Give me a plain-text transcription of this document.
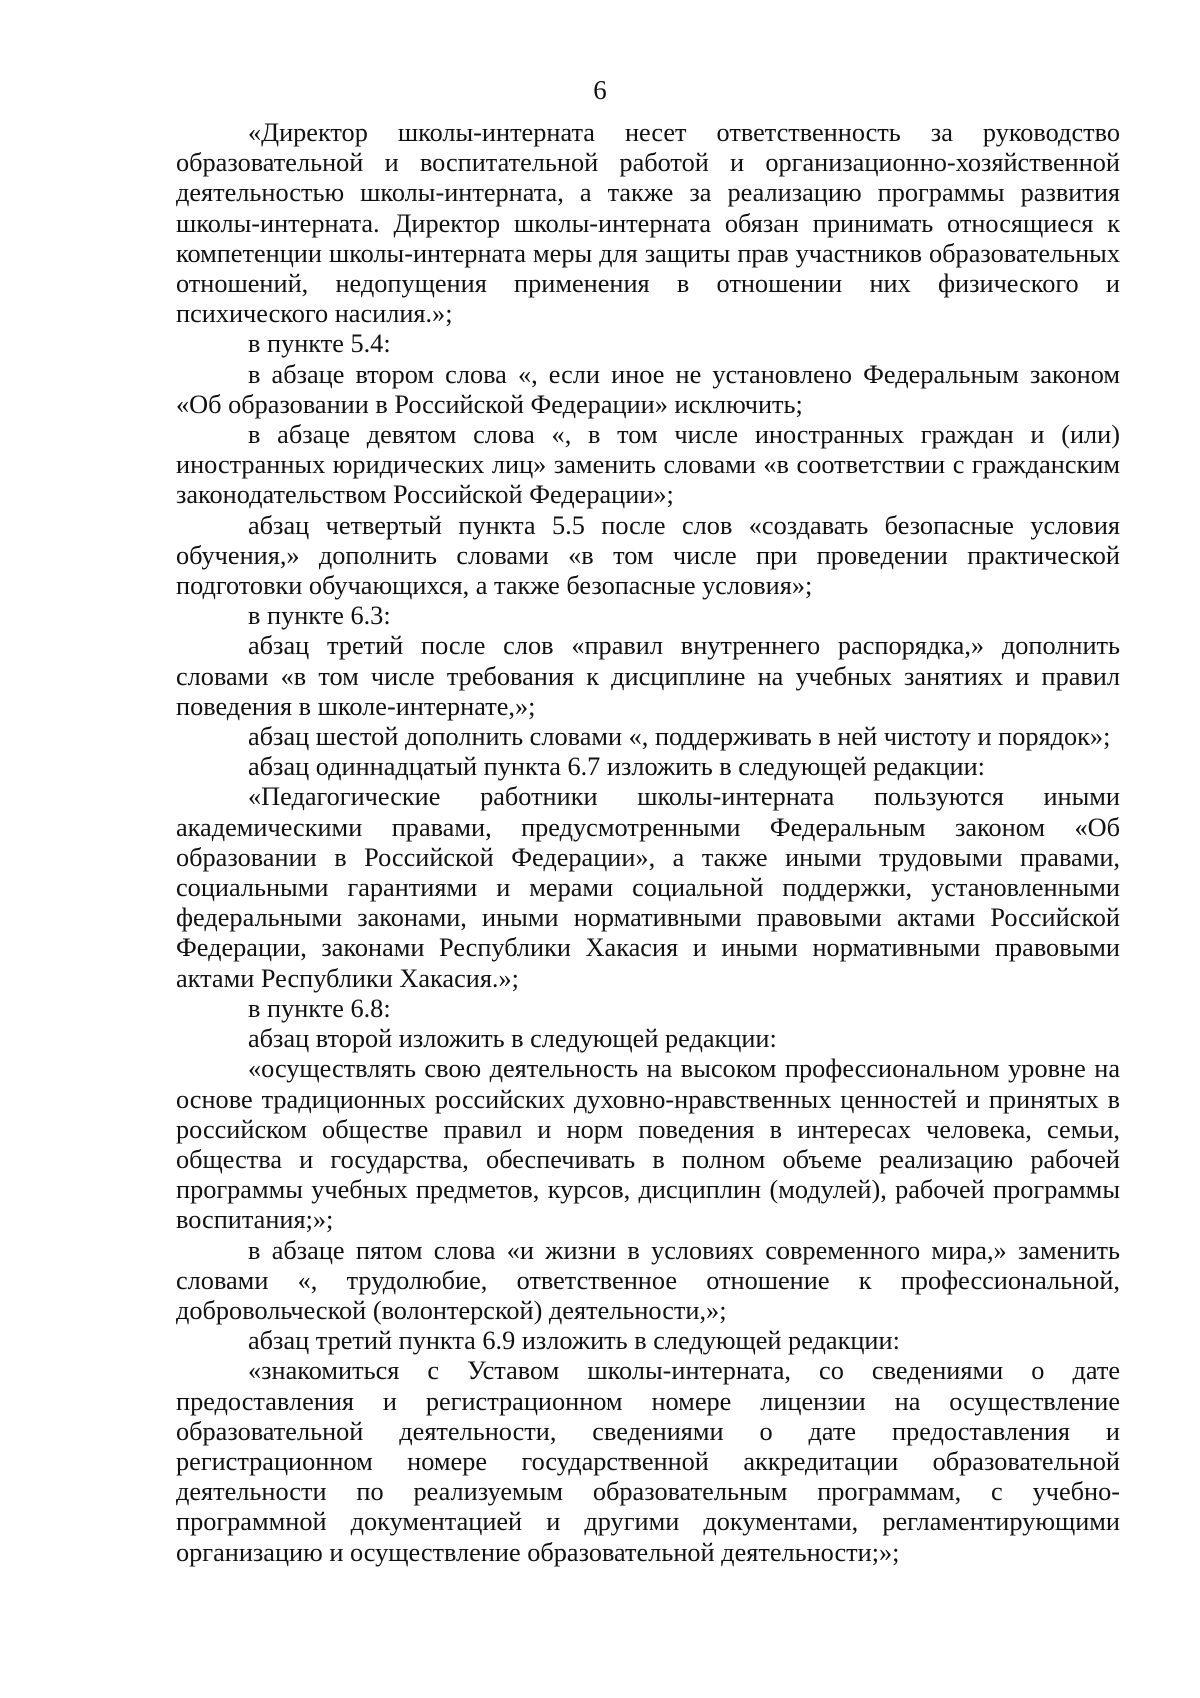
6

«Директор школы-интерната несет ответственность за руководство образовательной и воспитательной работой и организационно-хозяйственной деятельностью школы-интерната, а также за реализацию программы развития школы-интерната. Директор школы-интерната обязан принимать относящиеся к компетенции школы-интерната меры для защиты прав участников образовательных отношений, недопущения применения в отношении них физического и психического насилия.»;

в пункте 5.4:

в абзаце втором слова «, если иное не установлено Федеральным законом «Об образовании в Российской Федерации» исключить;

в абзаце девятом слова «, в том числе иностранных граждан и (или) иностранных юридических лиц» заменить словами «в соответствии с гражданским законодательством Российской Федерации»;

абзац четвертый пункта 5.5 после слов «создавать безопасные условия обучения,» дополнить словами «в том числе при проведении практической подготовки обучающихся, а также безопасные условия»;

в пункте 6.3:

абзац третий после слов «правил внутреннего распорядка,» дополнить словами «в том числе требования к дисциплине на учебных занятиях и правил поведения в школе-интернате,»;

абзац шестой дополнить словами «, поддерживать в ней чистоту и порядок»;

абзац одиннадцатый пункта 6.7 изложить в следующей редакции:

«Педагогические работники школы-интерната пользуются иными академическими правами, предусмотренными Федеральным законом «Об образовании в Российской Федерации», а также иными трудовыми правами, социальными гарантиями и мерами социальной поддержки, установленными федеральными законами, иными нормативными правовыми актами Российской Федерации, законами Республики Хакасия и иными нормативными правовыми актами Республики Хакасия.»;

в пункте 6.8:

абзац второй изложить в следующей редакции:

«осуществлять свою деятельность на высоком профессиональном уровне на основе традиционных российских духовно-нравственных ценностей и принятых в российском обществе правил и норм поведения в интересах человека, семьи, общества и государства, обеспечивать в полном объеме реализацию рабочей программы учебных предметов, курсов, дисциплин (модулей), рабочей программы воспитания;»;

в абзаце пятом слова «и жизни в условиях современного мира,» заменить словами «, трудолюбие, ответственное отношение к профессиональной, добровольческой (волонтерской) деятельности,»;

абзац третий пункта 6.9 изложить в следующей редакции:

«знакомиться с Уставом школы-интерната, со сведениями о дате предоставления и регистрационном номере лицензии на осуществление образовательной деятельности, сведениями о дате предоставления и регистрационном номере государственной аккредитации образовательной деятельности по реализуемым образовательным программам, с учебно-программной документацией и другими документами, регламентирующими организацию и осуществление образовательной деятельности;»;
